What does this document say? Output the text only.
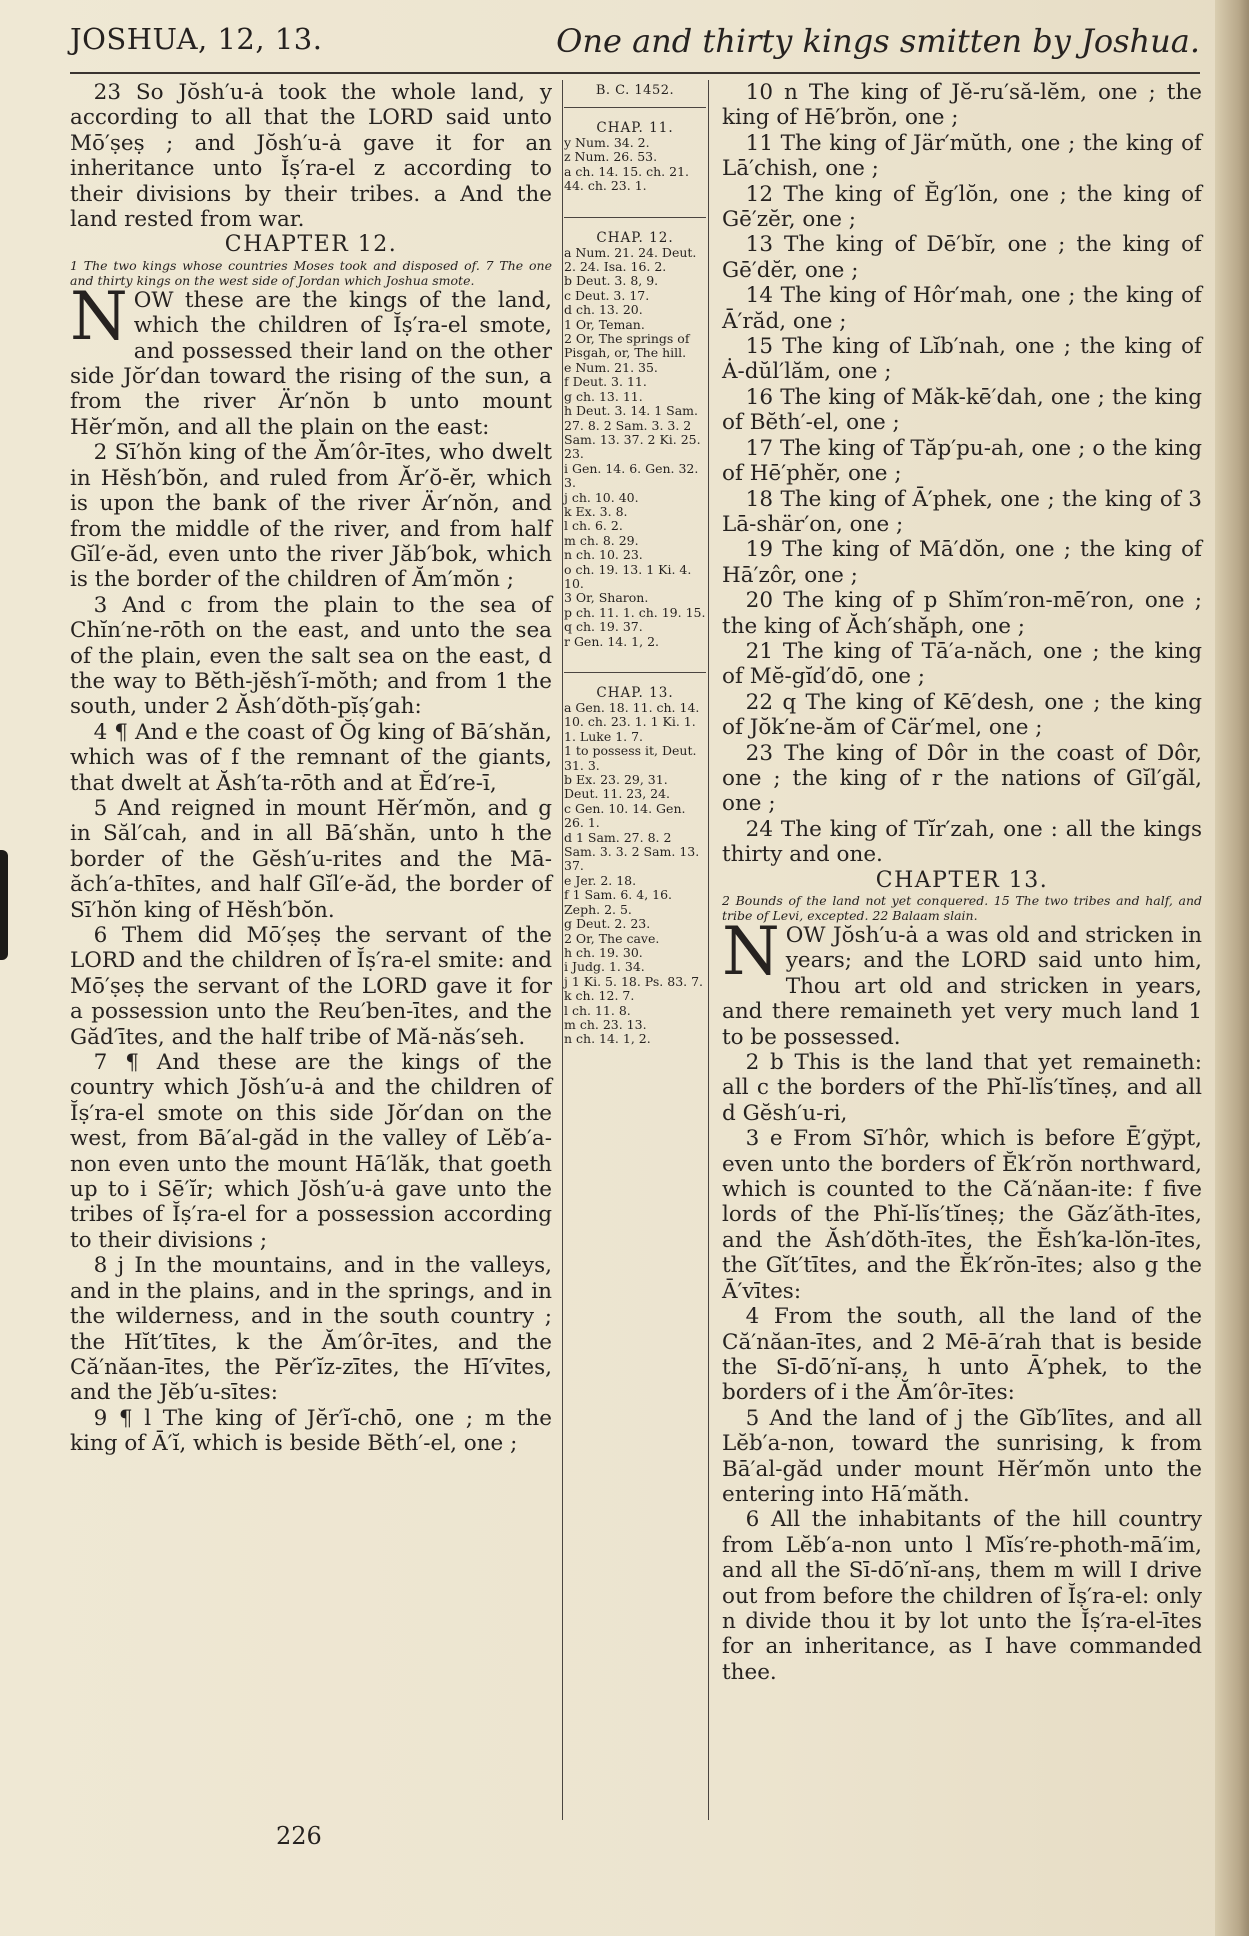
JOSHUA, 12, 13.	One and thirty kings smitten by Joshua.

23 So Jŏsh′u-ȧ took the whole land, y according to all that the LORD said unto Mō′ṣeṣ ; and Jŏsh′u-ȧ gave it for an inheritance unto Ĭṣ′ra-el z according to their divisions by their tribes. a And the land rested from war.

CHAPTER 12.

1 The two kings whose countries Moses took and disposed of. 7 The one and thirty kings on the west side of Jordan which Joshua smote.

NOW these are the kings of the land, which the children of Ĭṣ′ra-el smote, and possessed their land on the other side Jŏr′dan toward the rising of the sun, a from the river Är′nŏn b unto mount Hĕr′mŏn, and all the plain on the east:

2 Sī′hŏn king of the Ăm′ôr-ītes, who dwelt in Hĕsh′bŏn, and ruled from Ăr′ŏ-ĕr, which is upon the bank of the river Är′nŏn, and from the middle of the river, and from half Gĭl′e-ăd, even unto the river Jăb′bok, which is the border of the children of Ăm′mŏn ;

3 And c from the plain to the sea of Chĭn′ne-rōth on the east, and unto the sea of the plain, even the salt sea on the east, d the way to Bĕth-jĕsh′ĭ-mŏth; and from 1 the south, under 2 Ăsh′dŏth-pĭṣ′gah:

4 ¶ And e the coast of Ŏg king of Bā′shăn, which was of f the remnant of the giants, that dwelt at Ăsh′ta-rōth and at Ĕd′re-ī,

5 And reigned in mount Hĕr′mŏn, and g in Săl′cah, and in all Bā′shăn, unto h the border of the Gĕsh′u-rites and the Mā-ăch′a-thītes, and half Gĭl′e-ăd, the border of Sī′hŏn king of Hĕsh′bŏn.

6 Them did Mō′ṣeṣ the servant of the LORD and the children of Ĭṣ′ra-el smite: and Mō′ṣeṣ the servant of the LORD gave it for a possession unto the Reu′ben-ītes, and the Găd′ītes, and the half tribe of Mă-năs′seh.

7 ¶ And these are the kings of the country which Jŏsh′u-ȧ and the children of Ĭṣ′ra-el smote on this side Jŏr′dan on the west, from Bā′al-găd in the valley of Lĕb′a-non even unto the mount Hā′lăk, that goeth up to i Sē′ĭr; which Jŏsh′u-ȧ gave unto the tribes of Ĭṣ′ra-el for a possession according to their divisions ;

8 j In the mountains, and in the valleys, and in the plains, and in the springs, and in the wilderness, and in the south country ; the Hĭt′tītes, k the Ăm′ôr-ītes, and the Că′năan-ītes, the Pĕr′ĭz-zītes, the Hī′vītes, and the Jĕb′u-sītes:

9 ¶ l The king of Jĕr′ĭ-chō, one ; m the king of Ā′ĭ, which is beside Bĕth′-el, one ;

B. C. 1452.

CHAP. 11.

y Num. 34. 2.

z Num. 26. 53.

a ch. 14. 15. ch. 21. 44. ch. 23. 1.

CHAP. 12.

a Num. 21. 24. Deut. 2. 24. Isa. 16. 2.

b Deut. 3. 8, 9.

c Deut. 3. 17.

d ch. 13. 20.

1 Or, Teman.

2 Or, The springs of Pisgah, or, The hill.

e Num. 21. 35.

f Deut. 3. 11.

g ch. 13. 11.

h Deut. 3. 14. 1 Sam. 27. 8. 2 Sam. 3. 3. 2 Sam. 13. 37. 2 Ki. 25. 23.

i Gen. 14. 6. Gen. 32. 3.

j ch. 10. 40.

k Ex. 3. 8.

l ch. 6. 2.

m ch. 8. 29.

n ch. 10. 23.

o ch. 19. 13. 1 Ki. 4. 10.

3 Or, Sharon.

p ch. 11. 1. ch. 19. 15.

q ch. 19. 37.

r Gen. 14. 1, 2.

CHAP. 13.

a Gen. 18. 11. ch. 14. 10. ch. 23. 1. 1 Ki. 1. 1. Luke 1. 7.

1 to possess it, Deut. 31. 3.

b Ex. 23. 29, 31. Deut. 11. 23, 24.

c Gen. 10. 14. Gen. 26. 1.

d 1 Sam. 27. 8. 2 Sam. 3. 3. 2 Sam. 13. 37.

e Jer. 2. 18.

f 1 Sam. 6. 4, 16. Zeph. 2. 5.

g Deut. 2. 23.

2 Or, The cave.

h ch. 19. 30.

i Judg. 1. 34.

j 1 Ki. 5. 18. Ps. 83. 7.

k ch. 12. 7.

l ch. 11. 8.

m ch. 23. 13.

n ch. 14. 1, 2.

10 n The king of Jĕ-ru′să-lĕm, one ; the king of Hē′brŏn, one ;

11 The king of Jär′mŭth, one ; the king of Lā′chish, one ;

12 The king of Ĕg′lŏn, one ; the king of Gē′zĕr, one ;

13 The king of Dē′bĭr, one ; the king of Gē′dĕr, one ;

14 The king of Hôr′mah, one ; the king of Ā′răd, one ;

15 The king of Lĭb′nah, one ; the king of Ȧ-dŭl′lăm, one ;

16 The king of Măk-kē′dah, one ; the king of Bĕth′-el, one ;

17 The king of Tăp′pu-ah, one ; o the king of Hē′phĕr, one ;

18 The king of Ā′phek, one ; the king of 3 Lā-shär′on, one ;

19 The king of Mā′dŏn, one ; the king of Hā′zôr, one ;

20 The king of p Shĭm′ron-mē′ron, one ; the king of Ăch′shăph, one ;

21 The king of Tā′a-năch, one ; the king of Mĕ-gĭd′dō, one ;

22 q The king of Kē′desh, one ; the king of Jŏk′ne-ăm of Cär′mel, one ;

23 The king of Dôr in the coast of Dôr, one ; the king of r the nations of Gĭl′găl, one ;

24 The king of Tĭr′zah, one : all the kings thirty and one.

CHAPTER 13.

2 Bounds of the land not yet conquered. 15 The two tribes and half, and tribe of Levi, excepted. 22 Balaam slain.

NOW Jŏsh′u-ȧ a was old and stricken in years; and the LORD said unto him, Thou art old and stricken in years, and there remaineth yet very much land 1 to be possessed.

2 b This is the land that yet remaineth: all c the borders of the Phĭ-lĭs′tĭneṣ, and all d Gĕsh′u-ri,

3 e From Sī′hôr, which is before Ē′gўpt, even unto the borders of Ĕk′rŏn northward, which is counted to the Că′năan-ite: f five lords of the Phĭ-lĭs′tĭneṣ; the Găz′ăth-ītes, and the Ăsh′dŏth-ītes, the Ĕsh′ka-lŏn-ītes, the Gĭt′tītes, and the Ĕk′rŏn-ītes; also g the Ā′vītes:

4 From the south, all the land of the Că′năan-ītes, and 2 Mē-ā′rah that is beside the Sī-dō′nĭ-anṣ, h unto Ā′phek, to the borders of i the Ăm′ôr-ītes:

5 And the land of j the Gĭb′lītes, and all Lĕb′a-non, toward the sunrising, k from Bā′al-găd under mount Hĕr′mŏn unto the entering into Hā′măth.

6 All the inhabitants of the hill country from Lĕb′a-non unto l Mĭs′re-photh-mā′im, and all the Sī-dō′nĭ-anṣ, them m will I drive out from before the children of Ĭṣ′ra-el: only n divide thou it by lot unto the Ĭṣ′ra-el-ītes for an inheritance, as I have commanded thee.

226
